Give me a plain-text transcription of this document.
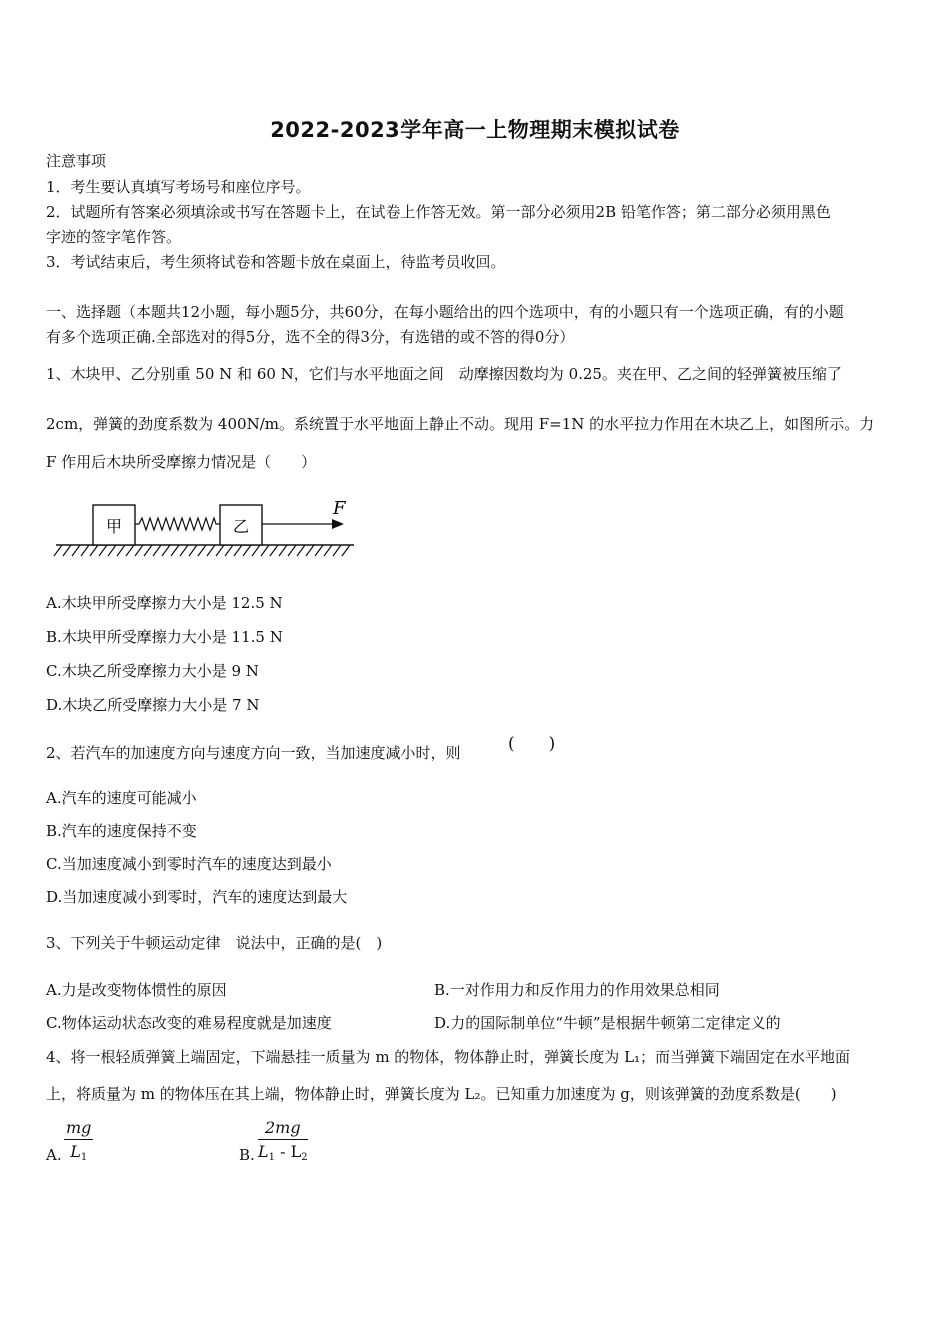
2022-2023学年高一上物理期末模拟试卷
注意事项
1．考生要认真填写考场号和座位序号。
2．试题所有答案必须填涂或书写在答题卡上，在试卷上作答无效。第一部分必须用2B 铅笔作答；第二部分必须用黑色
字迹的签字笔作答。
3．考试结束后，考生须将试卷和答题卡放在桌面上，待监考员收回。
一、选择题（本题共12小题，每小题5分，共60分，在每小题给出的四个选项中，有的小题只有一个选项正确，有的小题
有多个选项正确.全部选对的得5分，选不全的得3分，有选错的或不答的得0分）
1、木块甲、乙分别重 50 N 和 60 N，它们与水平地面之间　动摩擦因数均为 0.25。夹在甲、乙之间的轻弹簧被压缩了
2cm，弹簧的劲度系数为 400N/m。系统置于水平地面上静止不动。现用 F=1N 的水平拉力作用在木块乙上，如图所示。力
F 作用后木块所受摩擦力情况是（　　）
甲	乙
F
A.木块甲所受摩擦力大小是 12.5 N
B.木块甲所受摩擦力大小是 11.5 N
C.木块乙所受摩擦力大小是 9 N
D.木块乙所受摩擦力大小是 7 N
2、若汽车的加速度方向与速度方向一致，当加速度减小时，则	(　　)
A.汽车的速度可能减小
B.汽车的速度保持不变
C.当加速度减小到零时汽车的速度达到最小
D.当加速度减小到零时，汽车的速度达到最大
3、下列关于牛顿运动定律　说法中，正确的是(　)
A.力是改变物体惯性的原因	B.一对作用力和反作用力的作用效果总相同
C.物体运动状态改变的难易程度就是加速度	D.力的国际制单位“牛顿”是根据牛顿第二定律定义的
4、将一根轻质弹簧上端固定，下端悬挂一质量为 m 的物体，物体静止时，弹簧长度为 L₁；而当弹簧下端固定在水平地面
上，将质量为 m 的物体压在其上端，物体静止时，弹簧长度为 L₂。已知重力加速度为 g，则该弹簧的劲度系数是(　　)
A.
mg
$L_1$	B.
2mg
$L_1 - L_2$
